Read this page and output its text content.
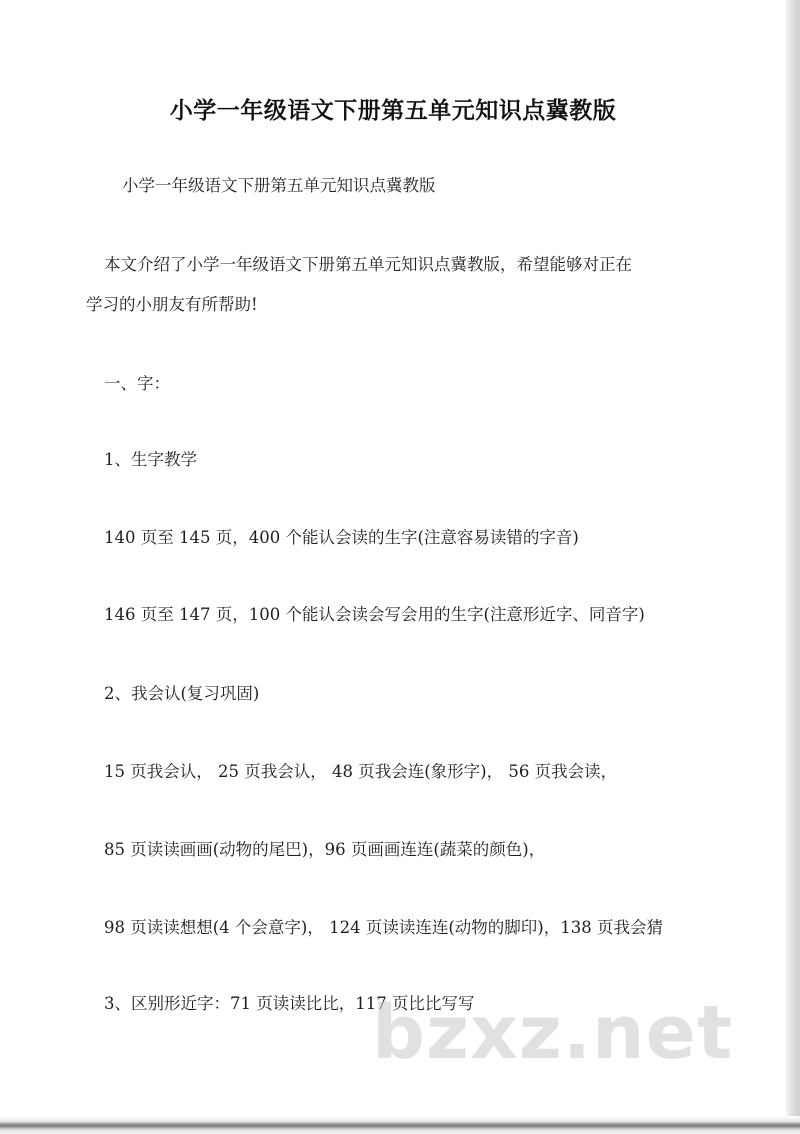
小学一年级语文下册第五单元知识点冀教版
小学一年级语文下册第五单元知识点冀教版
本文介绍了小学一年级语文下册第五单元知识点冀教版，希望能够对正在
学习的小朋友有所帮助!
一、字：
1、生字教学
140 页至 145 页，400 个能认会读的生字(注意容易读错的字音)
146 页至 147 页，100 个能认会读会写会用的生字(注意形近字、同音字)
2、我会认(复习巩固)
15 页我会认， 25 页我会认， 48 页我会连(象形字)， 56 页我会读，
85 页读读画画(动物的尾巴)，96 页画画连连(蔬菜的颜色)，
98 页读读想想(4 个会意字)， 124 页读读连连(动物的脚印)，138 页我会猜
3、区别形近字：71 页读读比比，117 页比比写写
bzxz.net
